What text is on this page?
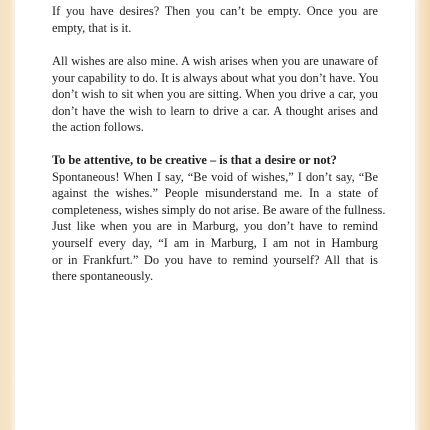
If you have desires? Then you can’t be empty. Once you are
empty, that is it.
All wishes are also mine. A wish arises when you are unaware of
your capability to do. It is always about what you don’t have. You
don’t wish to sit when you are sitting. When you drive a car, you
don’t have the wish to learn to drive a car. A thought arises and
the action follows.
To be attentive, to be creative – is that a desire or not?
Spontaneous! When I say, “Be void of wishes,” I don’t say, “Be
against the wishes.” People misunderstand me. In a state of
completeness, wishes simply do not arise. Be aware of the fullness.
Just like when you are in Marburg, you don’t have to remind
yourself every day, “I am in Marburg, I am not in Hamburg
or in Frankfurt.” Do you have to remind yourself? All that is
there spontaneously.
